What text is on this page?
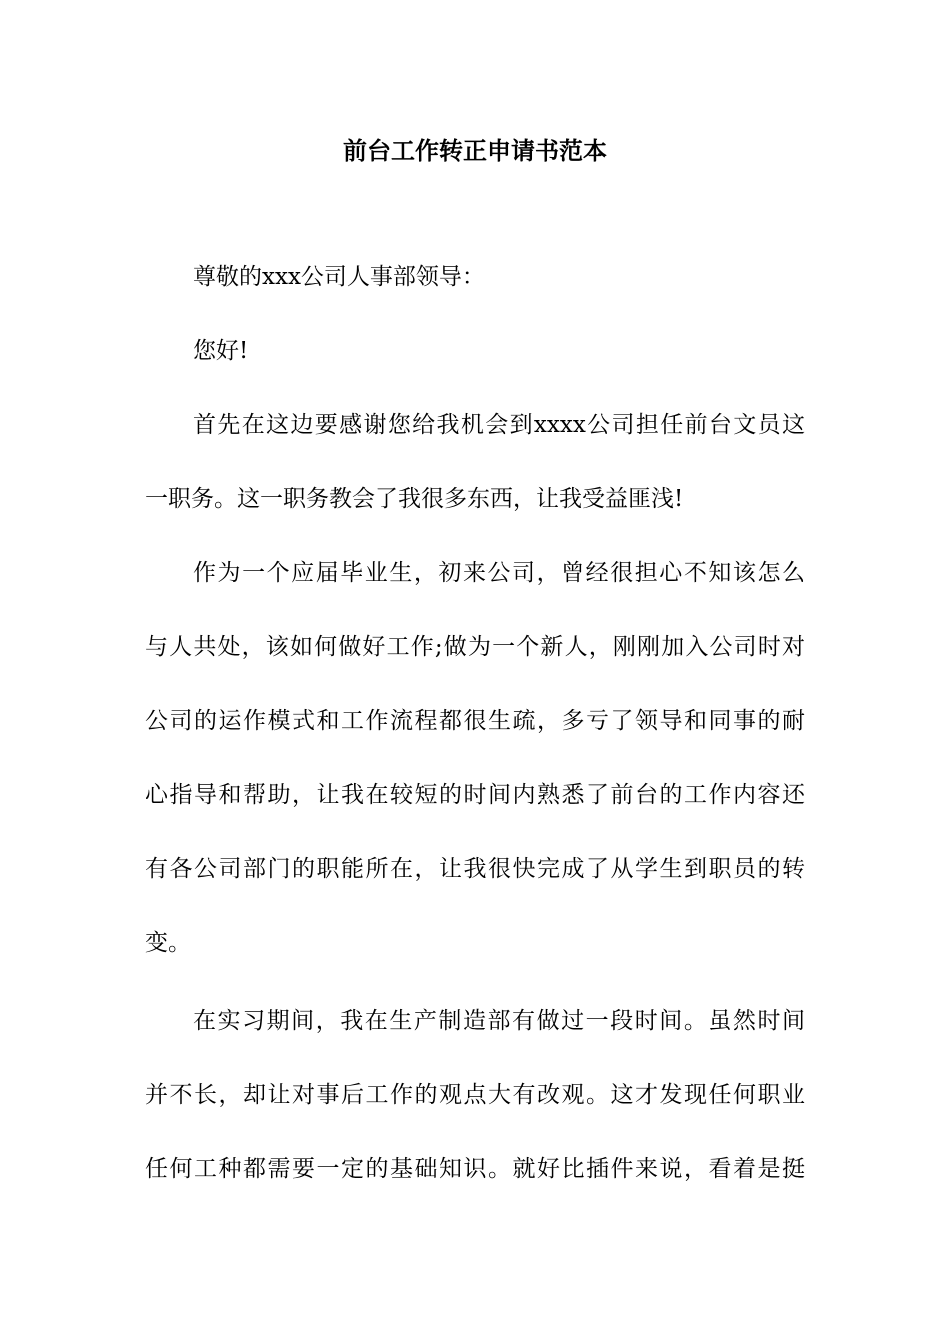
前台工作转正申请书范本
尊敬的xxx公司人事部领导：
您好!
首先在这边要感谢您给我机会到xxxx公司担任前台文员这
一职务。这一职务教会了我很多东西，让我受益匪浅!
作为一个应届毕业生，初来公司，曾经很担心不知该怎么
与人共处，该如何做好工作;做为一个新人，刚刚加入公司时对
公司的运作模式和工作流程都很生疏，多亏了领导和同事的耐
心指导和帮助，让我在较短的时间内熟悉了前台的工作内容还
有各公司部门的职能所在，让我很快完成了从学生到职员的转
变。
在实习期间，我在生产制造部有做过一段时间。虽然时间
并不长，却让对事后工作的观点大有改观。这才发现任何职业
任何工种都需要一定的基础知识。就好比插件来说，看着是挺
